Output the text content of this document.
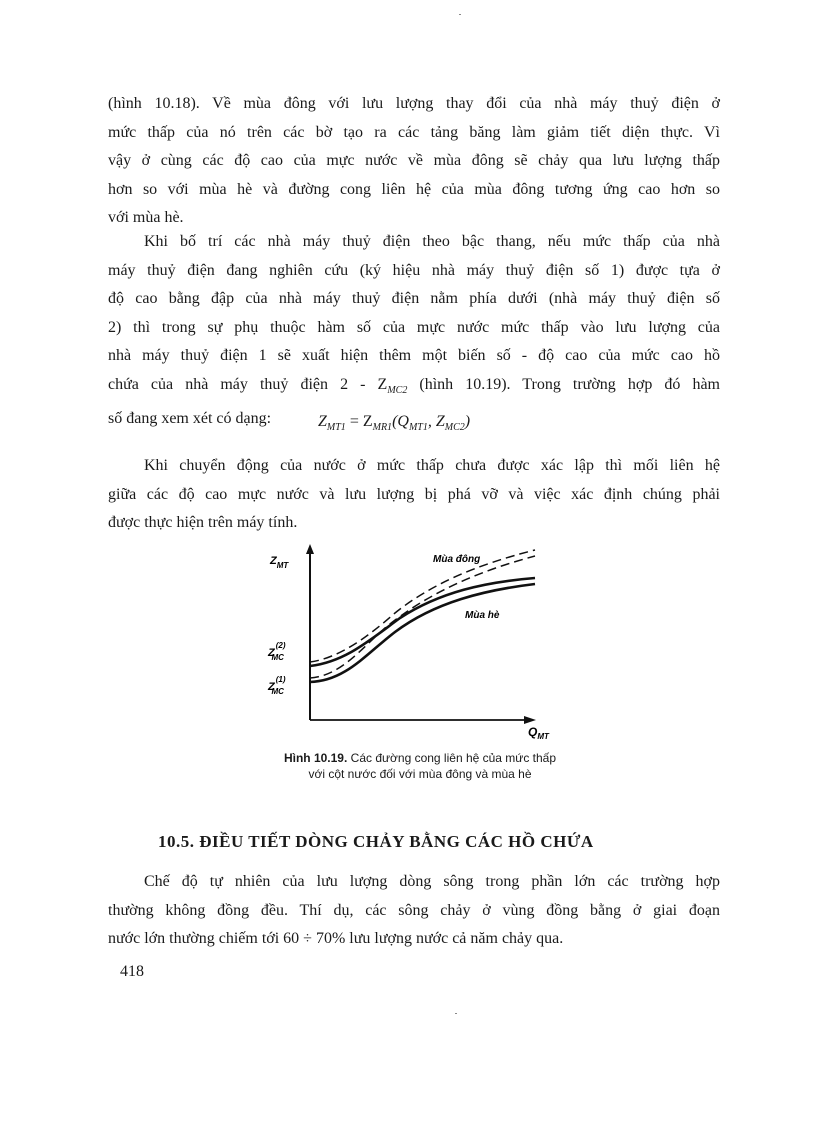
(hình 10.18). Về mùa đông với lưu lượng thay đổi của nhà máy thuỷ điện ở
mức thấp của nó trên các bờ tạo ra các tảng băng làm giảm tiết diện thực. Vì
vậy ở cùng các độ cao của mực nước về mùa đông sẽ chảy qua lưu lượng thấp
hơn so với mùa hè và đường cong liên hệ của mùa đông tương ứng cao hơn so
với mùa hè.
Khi bố trí các nhà máy thuỷ điện theo bậc thang, nếu mức thấp của nhà
máy thuỷ điện đang nghiên cứu (ký hiệu nhà máy thuỷ điện số 1) được tựa ở
độ cao bằng đập của nhà máy thuỷ điện nằm phía dưới (nhà máy thuỷ điện số
2) thì trong sự phụ thuộc hàm số của mực nước mức thấp vào lưu lượng của
nhà máy thuỷ điện 1 sẽ xuất hiện thêm một biến số - độ cao của mức cao hồ
chứa của nhà máy thuỷ điện $2 - Z_{MC2}$ (hình 10.19). Trong trường hợp đó hàm
số đang xem xét có dạng:	$Z_{MT1} = Z_{MR1}(Q_{MT1}$, $Z_{MC2}$)
Khi chuyển động của nước ở mức thấp chưa được xác lập thì mối liên hệ
giữa các độ cao mực nước và lưu lượng bị phá vỡ và việc xác định chúng phải
được thực hiện trên máy tính.
$Z_{MT}$
Mùa đông
Mùa hè
$Z^{(2)}$ MC
$Z^{(1)}$ MC
$Q_{MT}$
Hình 10.19. Các đường cong liên hệ của mức thấp
với cột nước đối với mùa đông và mùa hè
10.5. ĐIỀU TIẾT DÒNG CHẢY BẰNG CÁC HỒ CHỨA
Chế độ tự nhiên của lưu lượng dòng sông trong phần lớn các trường hợp
thường không đồng đều. Thí dụ, các sông chảy ở vùng đồng bằng ở giai đoạn
nước lớn thường chiếm tới 60 ÷ 70% lưu lượng nước cả năm chảy qua.
418
